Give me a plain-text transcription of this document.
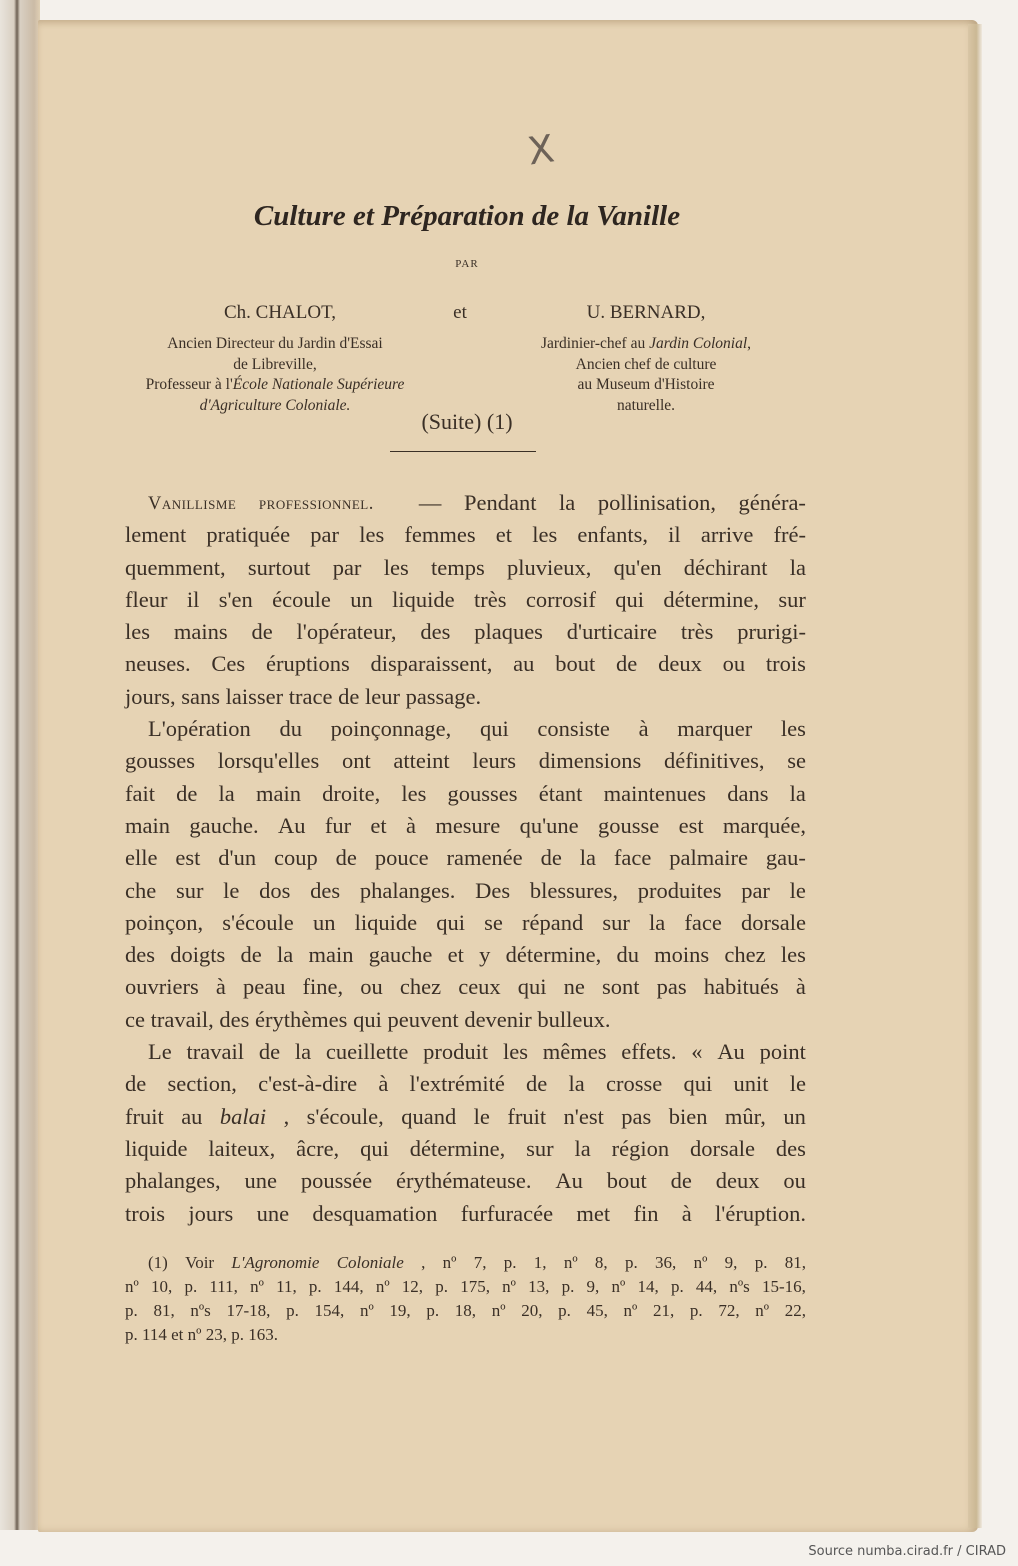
X
Culture et Préparation de la Vanille
PAR
Ch. CHALOT,	et	U. BERNARD,
Ancien Directeur du Jardin d'Essai
de Libreville,
Professeur à l'École Nationale Supérieure
d'Agriculture Coloniale.
Jardinier-chef au Jardin Colonial,
Ancien chef de culture
au Museum d'Histoire
naturelle.
(Suite) (1)
Vanillisme professionnel. — Pendant la pollinisation, généra-
lement pratiquée par les femmes et les enfants, il arrive fré-
quemment, surtout par les temps pluvieux, qu'en déchirant la
fleur il s'en écoule un liquide très corrosif qui détermine, sur
les mains de l'opérateur, des plaques d'urticaire très prurigi-
neuses. Ces éruptions disparaissent, au bout de deux ou trois
jours, sans laisser trace de leur passage.
L'opération du poinçonnage, qui consiste à marquer les
gousses lorsqu'elles ont atteint leurs dimensions définitives, se
fait de la main droite, les gousses étant maintenues dans la
main gauche. Au fur et à mesure qu'une gousse est marquée,
elle est d'un coup de pouce ramenée de la face palmaire gau-
che sur le dos des phalanges. Des blessures, produites par le
poinçon, s'écoule un liquide qui se répand sur la face dorsale
des doigts de la main gauche et y détermine, du moins chez les
ouvriers à peau fine, ou chez ceux qui ne sont pas habitués à
ce travail, des érythèmes qui peuvent devenir bulleux.
Le travail de la cueillette produit les mêmes effets. « Au point
de section, c'est-à-dire à l'extrémité de la crosse qui unit le
fruit au balai , s'écoule, quand le fruit n'est pas bien mûr, un
liquide laiteux, âcre, qui détermine, sur la région dorsale des
phalanges, une poussée érythémateuse. Au bout de deux ou
trois jours une desquamation furfuracée met fin à l'éruption.
(1) Voir L'Agronomie Coloniale , nº 7, p. 1, nº 8, p. 36, nº 9, p. 81,
nº 10, p. 111, nº 11, p. 144, nº 12, p. 175, nº 13, p. 9, nº 14, p. 44, nºs 15-16,
p. 81, nºs 17-18, p. 154, nº 19, p. 18, nº 20, p. 45, nº 21, p. 72, nº 22,
p. 114 et nº 23, p. 163.
Source numba.cirad.fr / CIRAD
